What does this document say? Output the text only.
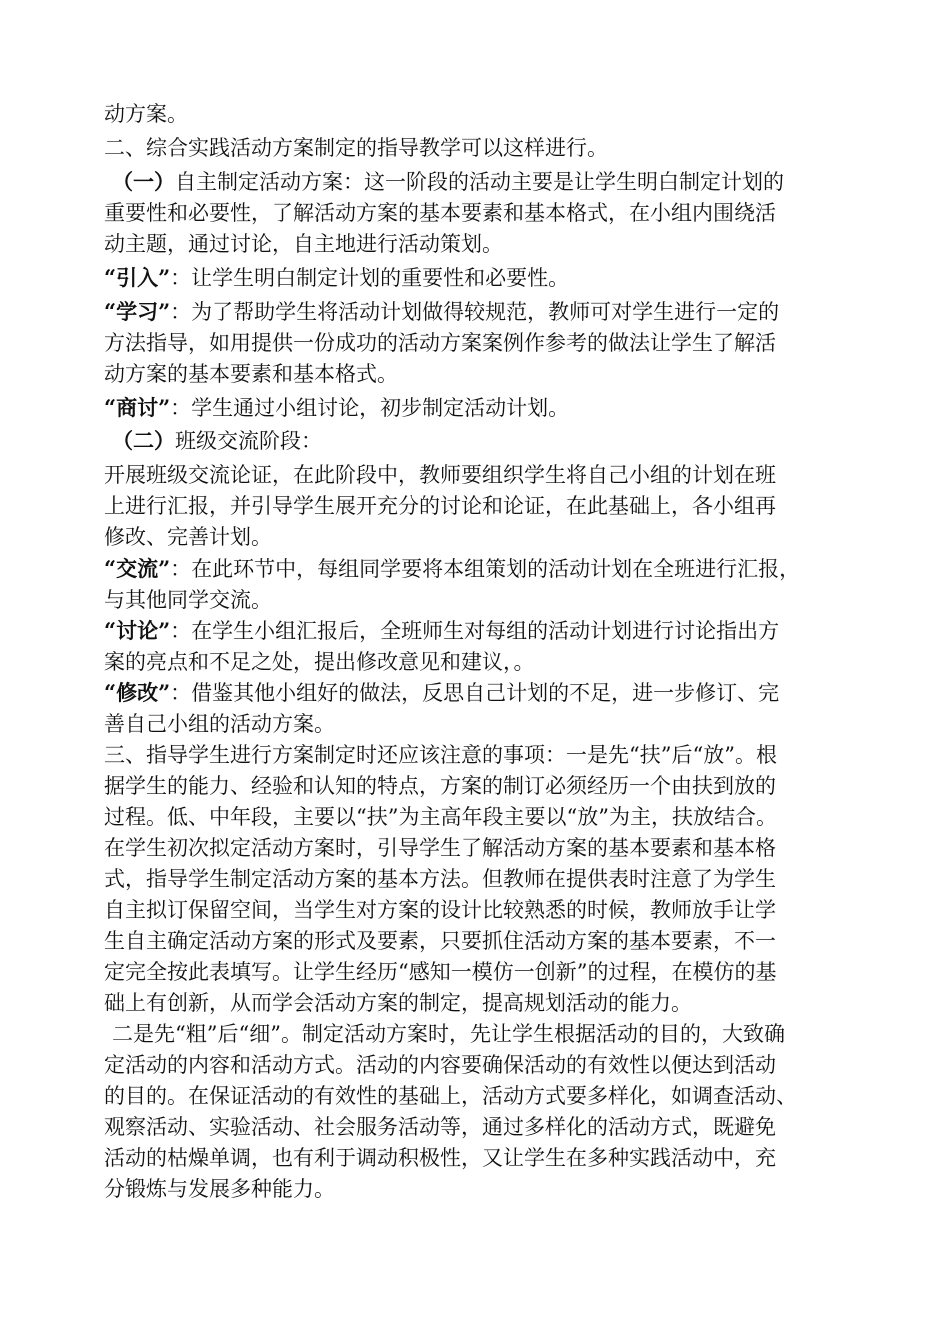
动方案。

二、综合实践活动方案制定的指导教学可以这样进行。

（一）自主制定活动方案：这一阶段的活动主要是让学生明白制定计划的

重要性和必要性，了解活动方案的基本要素和基本格式，在小组内围绕活

动主题，通过讨论，自主地进行活动策划。

“引入”：让学生明白制定计划的重要性和必要性。

“学习”：为了帮助学生将活动计划做得较规范，教师可对学生进行一定的

方法指导，如用提供一份成功的活动方案案例作参考的做法让学生了解活

动方案的基本要素和基本格式。

“商讨”：学生通过小组讨论，初步制定活动计划。

（二）班级交流阶段：

开展班级交流论证，在此阶段中，教师要组织学生将自己小组的计划在班

上进行汇报，并引导学生展开充分的讨论和论证，在此基础上，各小组再

修改、完善计划。

“交流”：在此环节中，每组同学要将本组策划的活动计划在全班进行汇报，

与其他同学交流。

“讨论”：在学生小组汇报后，全班师生对每组的活动计划进行讨论指出方

案的亮点和不足之处，提出修改意见和建议，。

“修改”：借鉴其他小组好的做法，反思自己计划的不足，进一步修订、完

善自己小组的活动方案。

三、指导学生进行方案制定时还应该注意的事项：一是先“扶”后“放”。根

据学生的能力、经验和认知的特点，方案的制订必须经历一个由扶到放的

过程。低、中年段，主要以“扶”为主高年段主要以“放”为主，扶放结合。

在学生初次拟定活动方案时，引导学生了解活动方案的基本要素和基本格

式，指导学生制定活动方案的基本方法。但教师在提供表时注意了为学生

自主拟订保留空间，当学生对方案的设计比较熟悉的时候，教师放手让学

生自主确定活动方案的形式及要素，只要抓住活动方案的基本要素，不一

定完全按此表填写。让学生经历“感知一模仿一创新”的过程，在模仿的基

础上有创新，从而学会活动方案的制定，提高规划活动的能力。

二是先“粗”后“细”。制定活动方案时，先让学生根据活动的目的，大致确

定活动的内容和活动方式。活动的内容要确保活动的有效性以便达到活动

的目的。在保证活动的有效性的基础上，活动方式要多样化，如调查活动、

观察活动、实验活动、社会服务活动等，通过多样化的活动方式，既避免

活动的枯燥单调，也有利于调动积极性，又让学生在多种实践活动中，充

分锻炼与发展多种能力。
